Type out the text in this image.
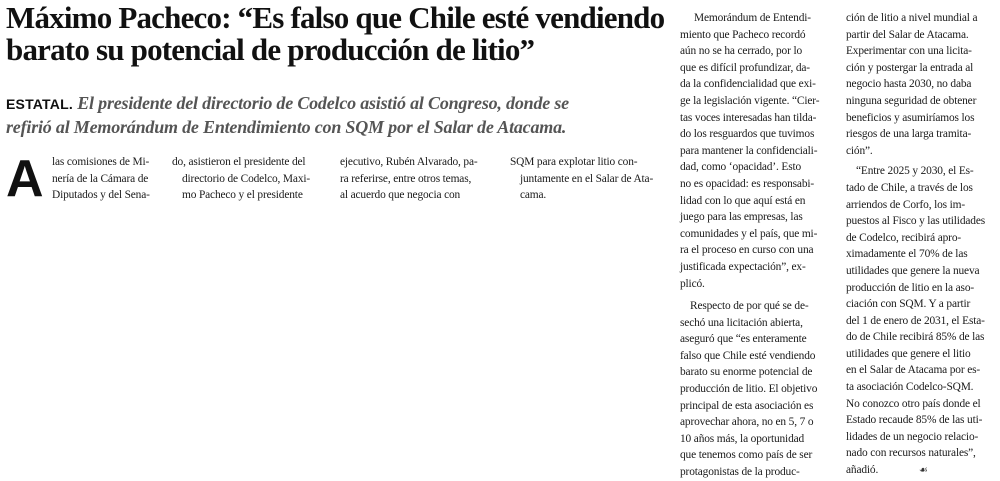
Máximo Pacheco: “Es falso que Chile esté vendiendo
barato su potencial de producción de litio”

ESTATAL. El presidente del directorio de Codelco asistió al Congreso, donde se
refirió al Memorándum de Entendimiento con SQM por el Salar de Atacama.

A las comisiones de Mi-
nería de la Cámara de
Diputados y del Sena-
do, asistieron el presidente del
directorio de Codelco, Maxi-
mo Pacheco y el presidente
ejecutivo, Rubén Alvarado, pa-
ra referirse, entre otros temas,
al acuerdo que negocia con
SQM para explotar litio con-
juntamente en el Salar de Ata-
cama.
Memorándum de Entendi-
miento que Pacheco recordó
aún no se ha cerrado, por lo
que es difícil profundizar, da-
da la confidencialidad que exi-
ge la legislación vigente. “Cier-
tas voces interesadas han tilda-
do los resguardos que tuvimos
para mantener la confidenciali-
dad, como ‘opacidad’. Esto
no es opacidad: es responsabi-
lidad con lo que aquí está en
juego para las empresas, las
comunidades y el país, que mi-
ra el proceso en curso con una
justificada expectación”, ex-
plicó.
Respecto de por qué se de-
sechó una licitación abierta,
aseguró que “es enteramente
falso que Chile esté vendiendo
barato su enorme potencial de
producción de litio. El objetivo
principal de esta asociación es
aprovechar ahora, no en 5, 7 o
10 años más, la oportunidad
que tenemos como país de ser
protagonistas de la produc-
ción de litio a nivel mundial a
partir del Salar de Atacama.
Experimentar con una licita-
ción y postergar la entrada al
negocio hasta 2030, no daba
ninguna seguridad de obtener
beneficios y asumiríamos los
riesgos de una larga tramita-
ción”.
“Entre 2025 y 2030, el Es-
tado de Chile, a través de los
arriendos de Corfo, los im-
puestos al Fisco y las utilidades
de Codelco, recibirá apro-
ximadamente el 70% de las
utilidades que genere la nueva
producción de litio en la aso-
ciación con SQM. Y a partir
del 1 de enero de 2031, el Esta-
do de Chile recibirá 85% de las
utilidades que genere el litio
en el Salar de Atacama por es-
ta asociación Codelco-SQM.
No conozco otro país donde el
Estado recaude 85% de las uti-
lidades de un negocio relacio-
nado con recursos naturales”,
añadió.	☙
